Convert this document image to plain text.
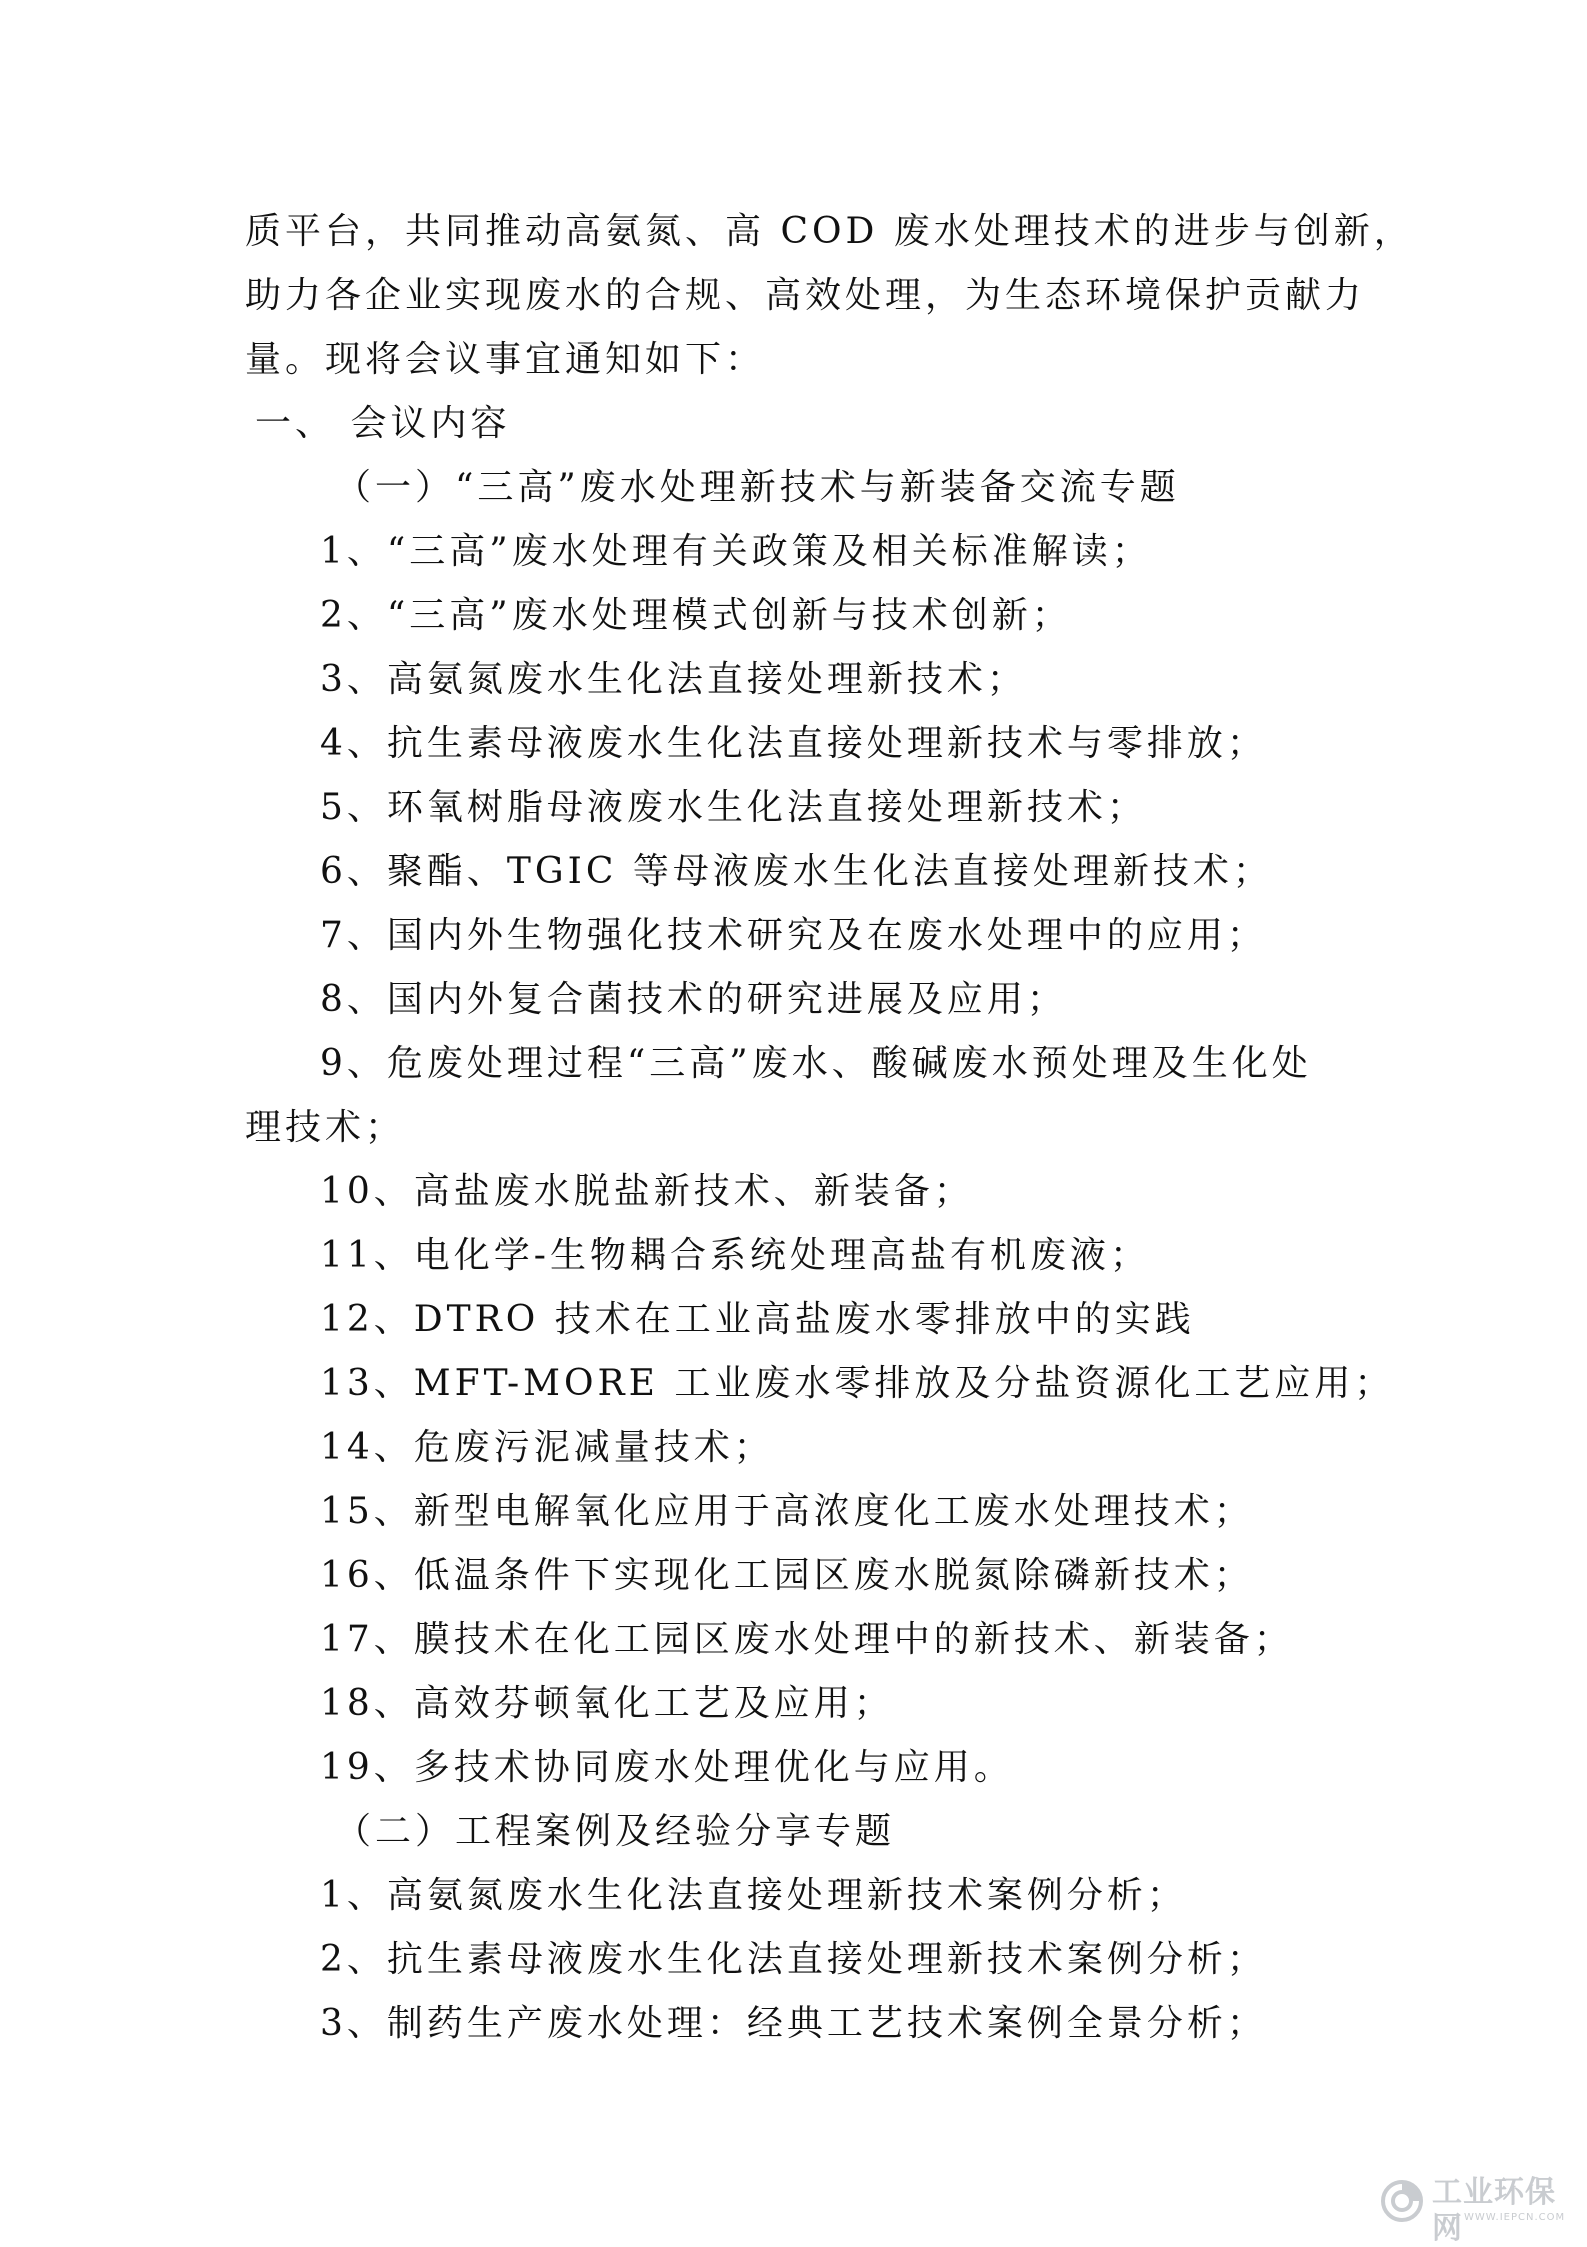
质平台，共同推动高氨氮、高 COD 废水处理技术的进步与创新，
助力各企业实现废水的合规、高效处理，为生态环境保护贡献力
量。现将会议事宜通知如下：
一、 会议内容
（一）“三高”废水处理新技术与新装备交流专题
1、“三高”废水处理有关政策及相关标准解读；
2、“三高”废水处理模式创新与技术创新；
3、高氨氮废水生化法直接处理新技术；
4、抗生素母液废水生化法直接处理新技术与零排放；
5、环氧树脂母液废水生化法直接处理新技术；
6、聚酯、TGIC 等母液废水生化法直接处理新技术；
7、国内外生物强化技术研究及在废水处理中的应用；
8、国内外复合菌技术的研究进展及应用；
9、危废处理过程“三高”废水、酸碱废水预处理及生化处
理技术；
10、高盐废水脱盐新技术、新装备；
11、电化学-生物耦合系统处理高盐有机废液；
12、DTRO 技术在工业高盐废水零排放中的实践
13、MFT-MORE 工业废水零排放及分盐资源化工艺应用；
14、危废污泥减量技术；
15、新型电解氧化应用于高浓度化工废水处理技术；
16、低温条件下实现化工园区废水脱氮除磷新技术；
17、膜技术在化工园区废水处理中的新技术、新装备；
18、高效芬顿氧化工艺及应用；
19、多技术协同废水处理优化与应用。
（二）工程案例及经验分享专题
1、高氨氮废水生化法直接处理新技术案例分析；
2、抗生素母液废水生化法直接处理新技术案例分析；
3、制药生产废水处理：经典工艺技术案例全景分析；
工业环保网 WWW.IEPCN.COM
